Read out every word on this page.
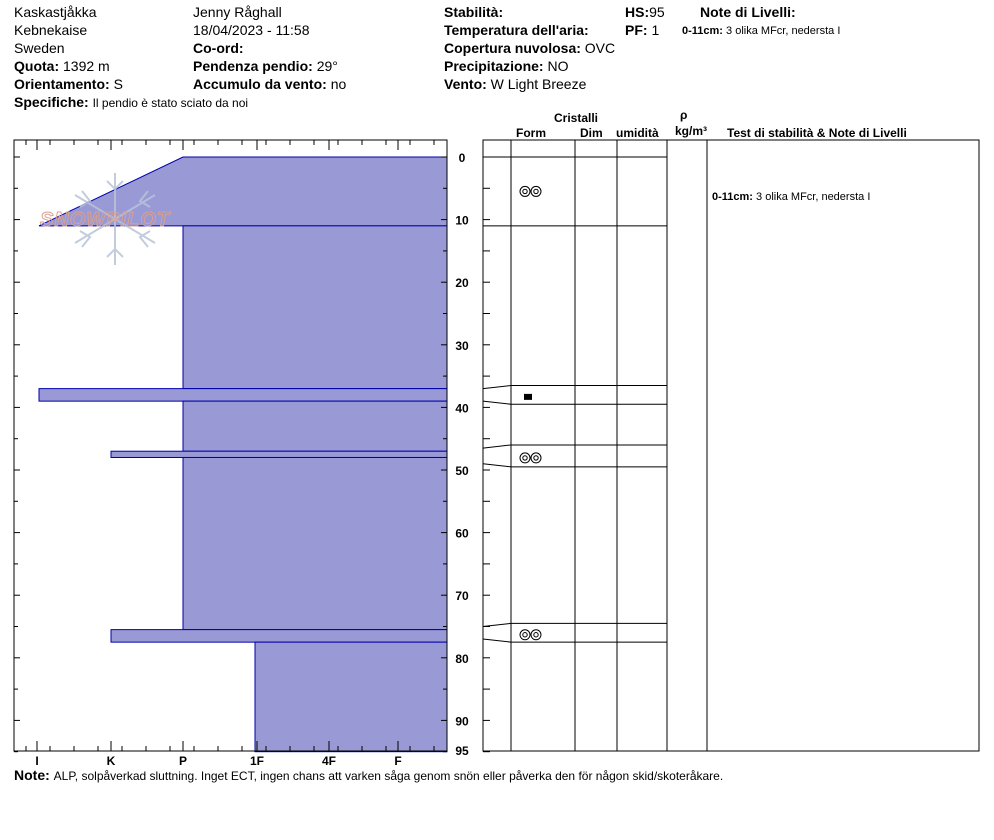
Kaskastjåkka
Kebnekaise
Sweden
Quota: 1392 m
Orientamento: S
Specifiche: Il pendio è stato sciato da noi
Jenny Råghall
18/04/2023 - 11:58
Co-ord:
Pendenza pendio: 29°
Accumulo da vento: no
Stabilità:
Temperatura dell'aria:
Copertura nuvolosa: OVC
Precipitazione: NO
Vento: W Light Breeze
HS:95
PF: 1
Note di Livelli:
0-11cm: 3 olika MFcr, nedersta I
Cristalli
Form	Dim umidità
ρ
kg/m³ Test di stabilità & Note di Livelli
0
10
20
30
40
50
60
70
80
90
95
I	K	P	1F	4F	F
SNOWPILOT
0-11cm: 3 olika MFcr, nedersta I
Note: ALP, solpåverkad sluttning. Inget ECT, ingen chans att varken såga genom snön eller påverka den för någon skid/skoteråkare.
